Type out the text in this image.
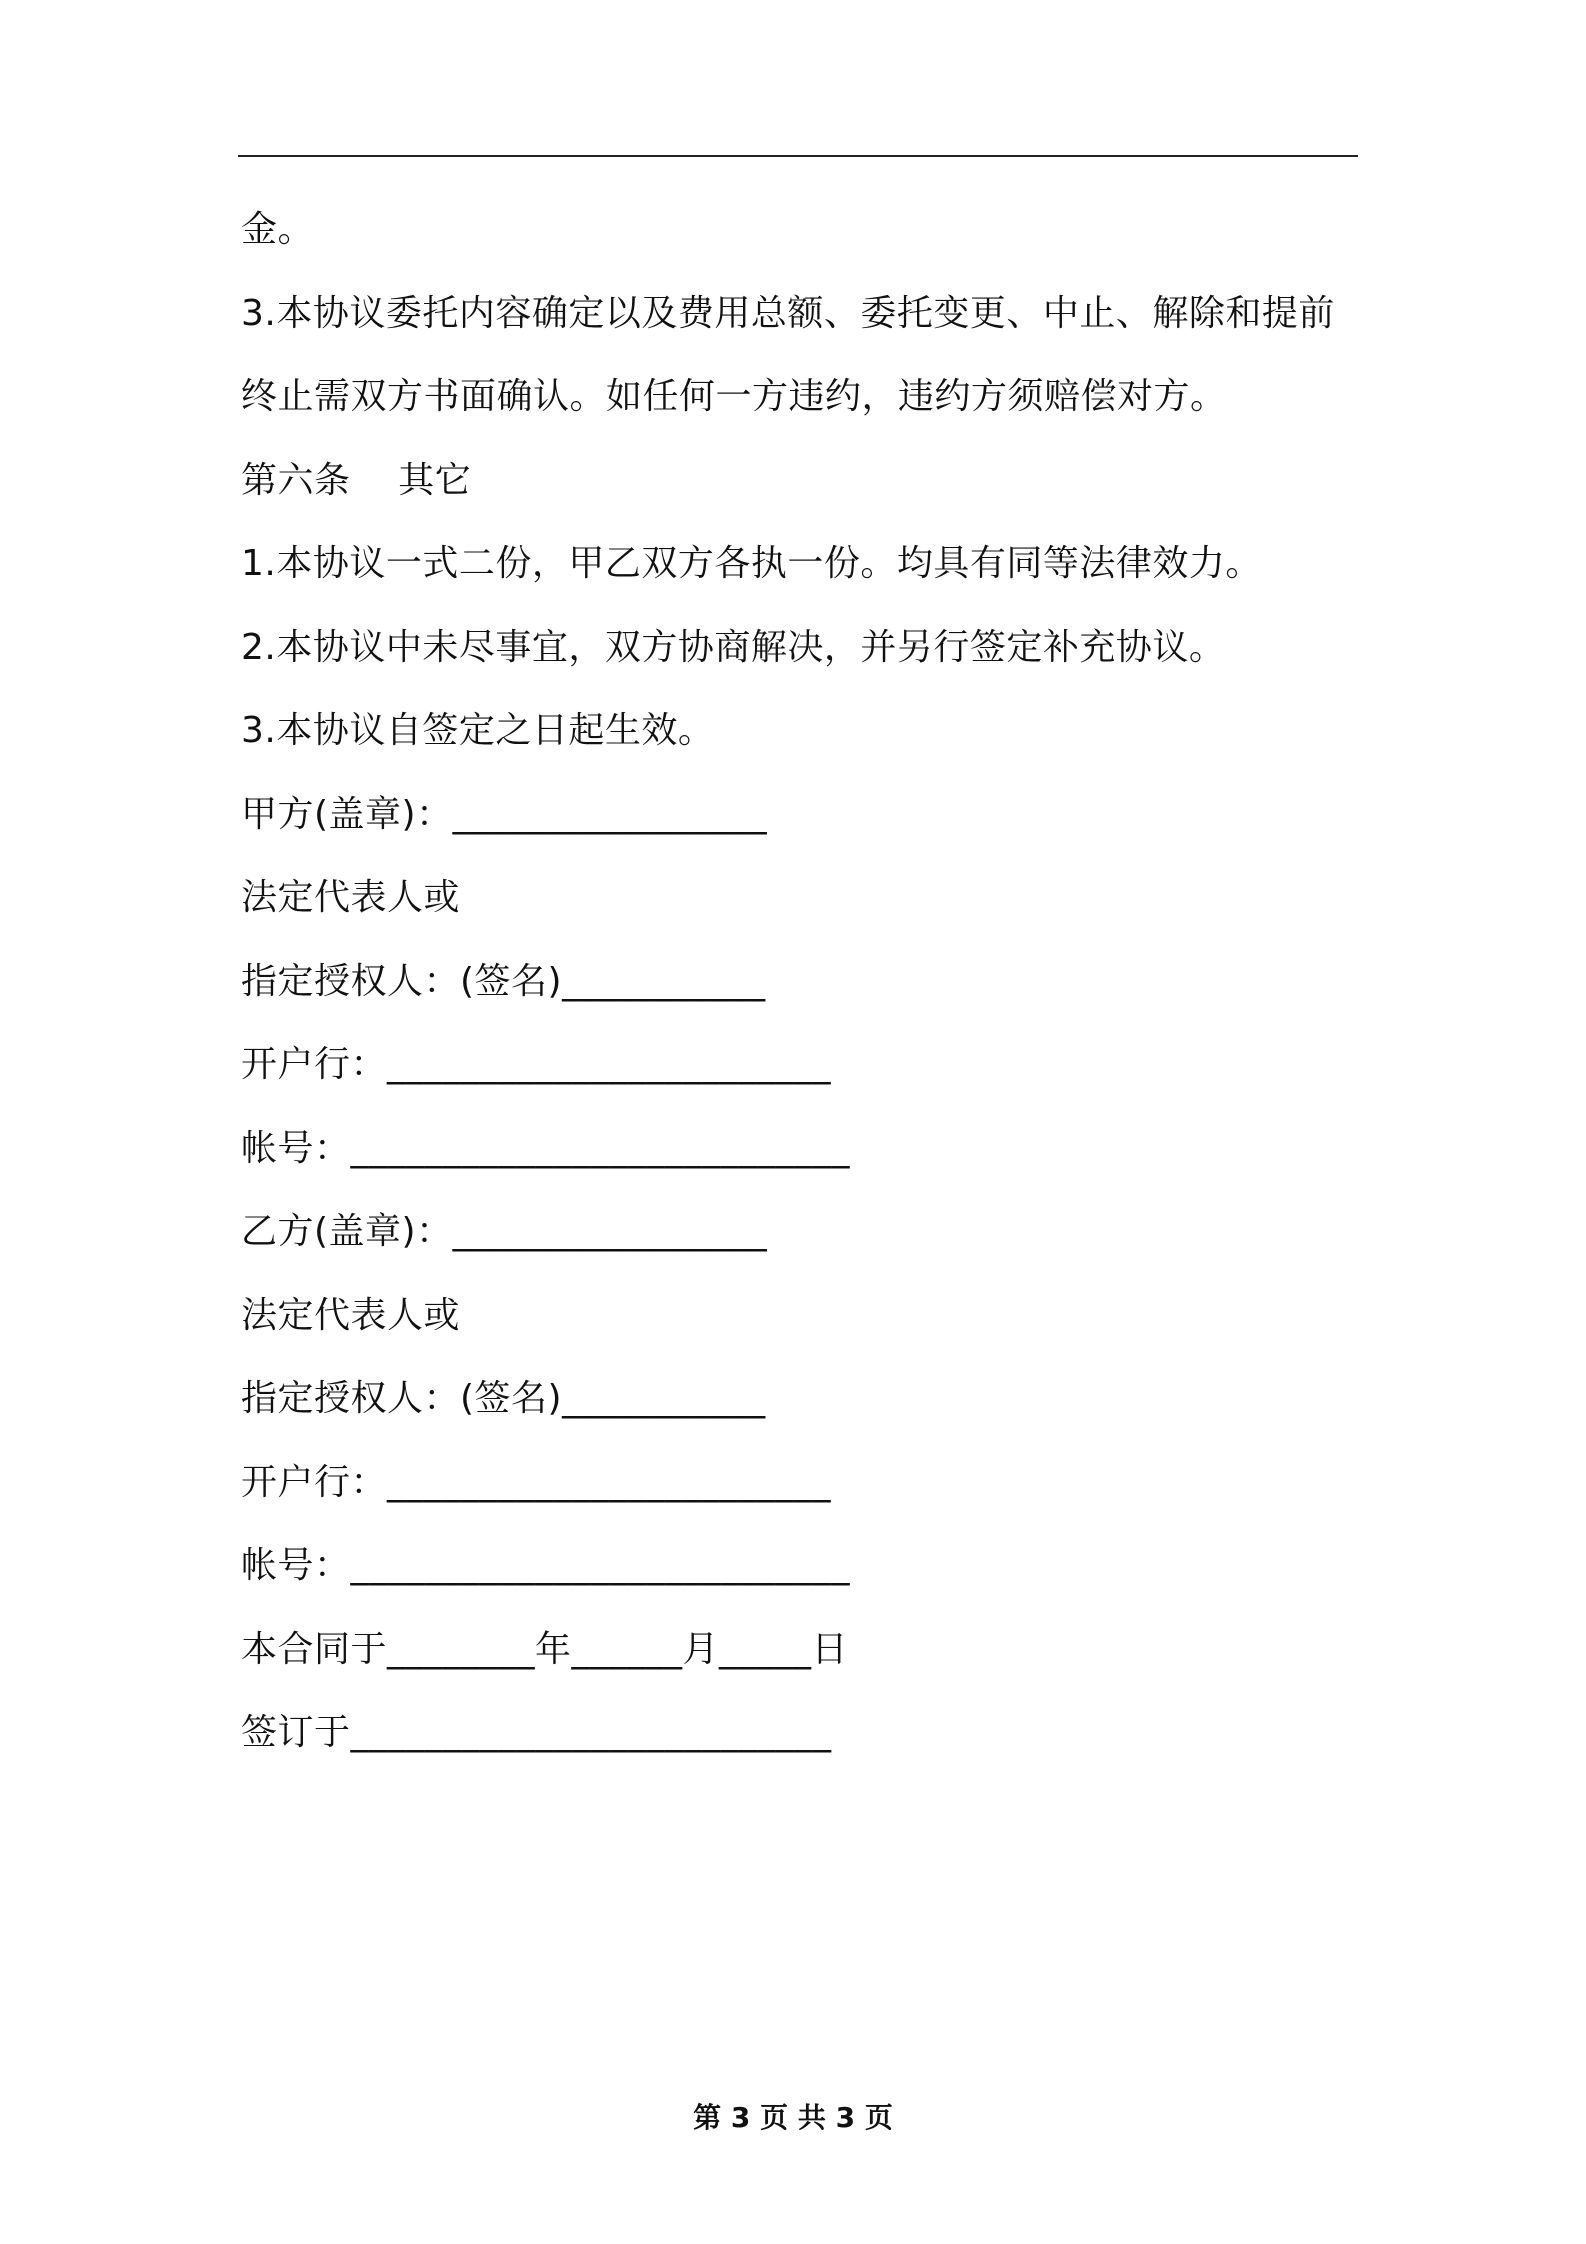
金。
3.本协议委托内容确定以及费用总额、委托变更、中止、解除和提前
终止需双方书面确认。如任何一方违约，违约方须赔偿对方。
第六条    其它
1.本协议一式二份，甲乙双方各执一份。均具有同等法律效力。
2.本协议中未尽事宜，双方协商解决，并另行签定补充协议。
3.本协议自签定之日起生效。
甲方(盖章)：_________________
法定代表人或
指定授权人：(签名)___________
开户行：________________________
帐号：___________________________
乙方(盖章)：_________________
法定代表人或
指定授权人：(签名)___________
开户行：________________________
帐号：___________________________
本合同于________年______月_____日
签订于__________________________
第 3 页 共 3 页
